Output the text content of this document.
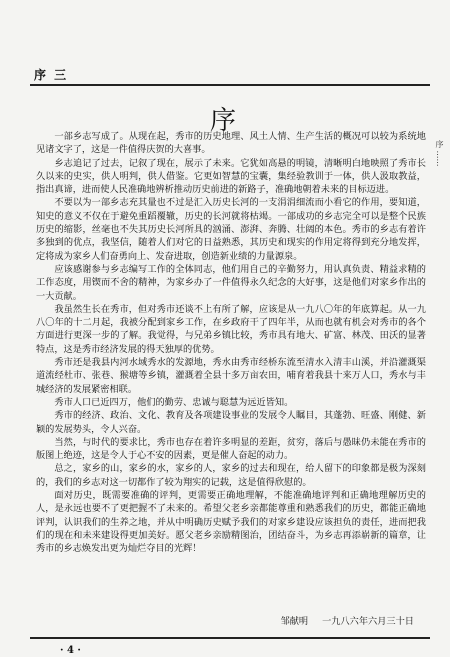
序 三
序

一部乡志写成了。从现在起，秀市的历史地理、风土人情、生产生活的概况可以较为系统地见诸文字了，这是一件值得庆贺的大喜事。

乡志追记了过去，记叙了现在，展示了未来。它犹如高悬的明镜，清晰明白地映照了秀市长久以来的史实，供人明判，供人借鉴。它更如智慧的宝囊，集经验教训于一体，供人汲取教益，指出真谛，进而使人民准确地辨析推动历史前进的新路子，准确地朝着未来的目标迈进。

不要以为一部乡志充其量也不过是汇入历史长河的一支涓涓细流而小看它的作用，要知道，知史的意义不仅在于避免重蹈覆辙，历史的长河就将枯竭。一部成功的乡志完全可以是整个民族历史的缩影，丝毫也不失其历史长河所具的汹涌、澎湃、奔腾、壮阔的本色。秀市的乡志有着许多独到的优点，我坚信，随着人们对它的日益熟悉，其历史和现实的作用定将得到充分地发挥，定将成为家乡人们奋勇向上、发奋进取，创造新业绩的力量源泉。

应该感谢参与乡志编写工作的全体同志，他们用自己的辛勤努力，用认真负责、精益求精的工作态度，用锲而不舍的精神，为家乡办了一件值得永久纪念的大好事，这是他们对家乡作出的一大贡献。

我虽然生长在秀市，但对秀市还谈不上有所了解，应该是从一九八〇年的年底算起。从一九八〇年的十二月起，我被分配到家乡工作，在乡政府干了四年半，从而也就有机会对秀市的各个方面进行更深一步的了解。我觉得，与兄弟乡镇比较，秀市具有地大、矿富、林茂、田沃的显著特点，这是秀市经济发展的得天独厚的优势。

秀市还是我县内河水域秀水的发源地，秀水由秀市经桥东流至清水入清丰山溪，并沿灌溉渠道流经杜市、张巷、猴塘等乡镇，灌溉着全县十多万亩农田，哺育着我县十来万人口，秀水与丰城经济的发展紧密相联。

秀市人口已近四万，他们的勤劳、忠诚与聪慧为远近皆知。

秀市的经济、政治、文化、教育及各项建设事业的发展令人瞩目，其蓬勃、旺盛、刚健、新颖的发展势头，令人兴奋。

当然，与时代的要求比，秀市也存在着许多明显的差距，贫穷，落后与愚昧仍未能在秀市的版图上绝迹，这是令人于心不安的因素，更是催人奋起的动力。

总之，家乡的山，家乡的水，家乡的人，家乡的过去和现在，给人留下的印象都是极为深刻的，我们的乡志对这一切都作了较为翔实的记载，这是值得欣慰的。

面对历史，既需要准确的评判，更需要正确地理解，不能准确地评判和正确地理解历史的人，是永远也要不了更把握不了未来的。希望父老乡亲都能尊重和熟悉我们的历史，都能正确地评判，认识我们的生养之地，并从中明确历史赋予我们的对家乡建设应该担负的责任，进而把我们的现在和未来建设得更加美好。愿父老乡亲励精图治，团结奋斗，为乡志再添崭新的篇章，让秀市的乡志焕发出更为灿烂夺目的光辉！

邹献明 一九八六年六月三十日
· 4 ·
序 ……
